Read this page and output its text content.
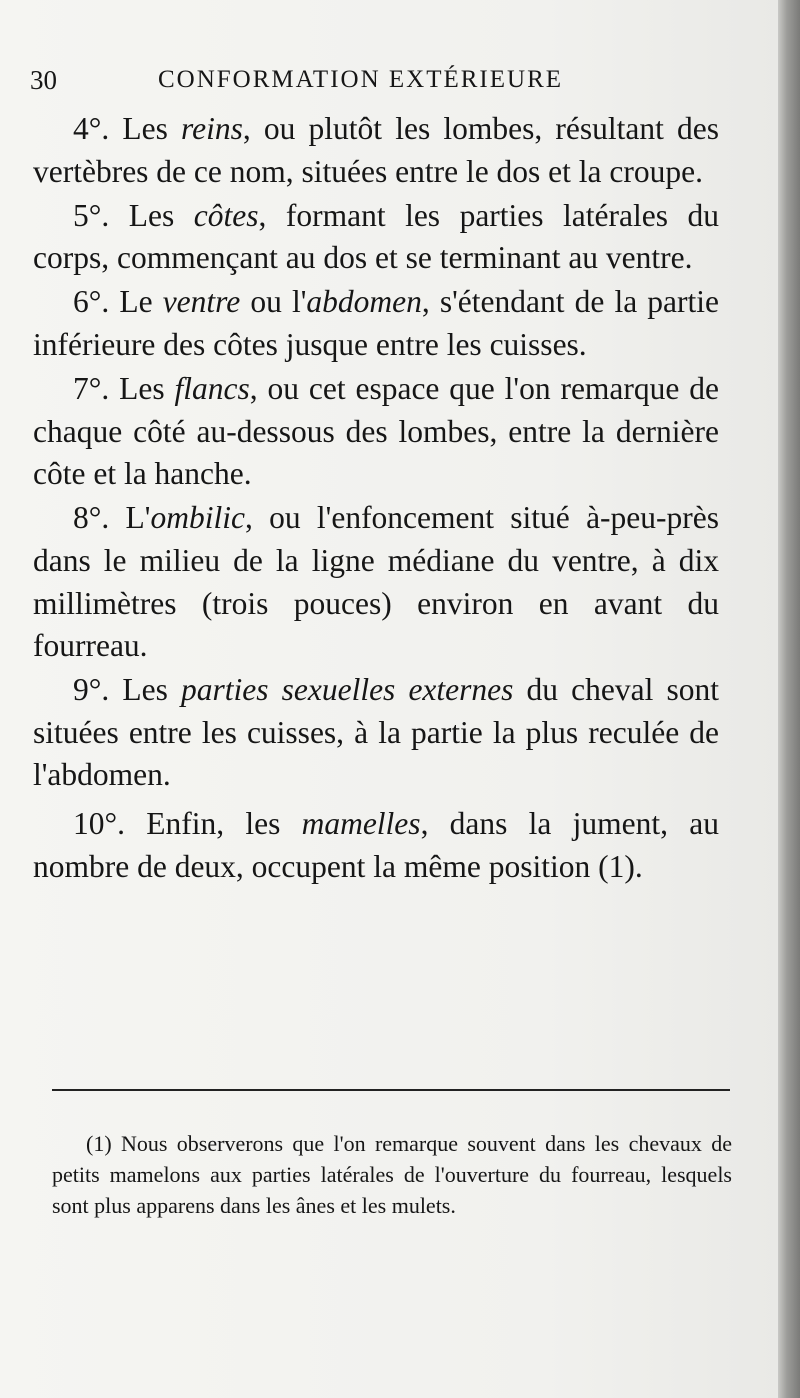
30	CONFORMATION EXTÉRIEURE

4°. Les reins, ou plutôt les lombes, résultant des vertèbres de ce nom, situées entre le dos et la croupe.

5°. Les côtes, formant les parties latérales du corps, commençant au dos et se terminant au ventre.

6°. Le ventre ou l'abdomen, s'étendant de la partie inférieure des côtes jusque entre les cuisses.

7°. Les flancs, ou cet espace que l'on remarque de chaque côté au-dessous des lombes, entre la dernière côte et la hanche.

8°. L'ombilic, ou l'enfoncement situé à-peu-près dans le milieu de la ligne médiane du ventre, à dix millimètres (trois pouces) environ en avant du fourreau.

9°. Les parties sexuelles externes du cheval sont situées entre les cuisses, à la partie la plus reculée de l'abdomen.

10°. Enfin, les mamelles, dans la jument, au nombre de deux, occupent la même position (1).

(1) Nous observerons que l'on remarque souvent dans les chevaux de petits mamelons aux parties latérales de l'ouverture du fourreau, lesquels sont plus apparens dans les ânes et les mulets.
